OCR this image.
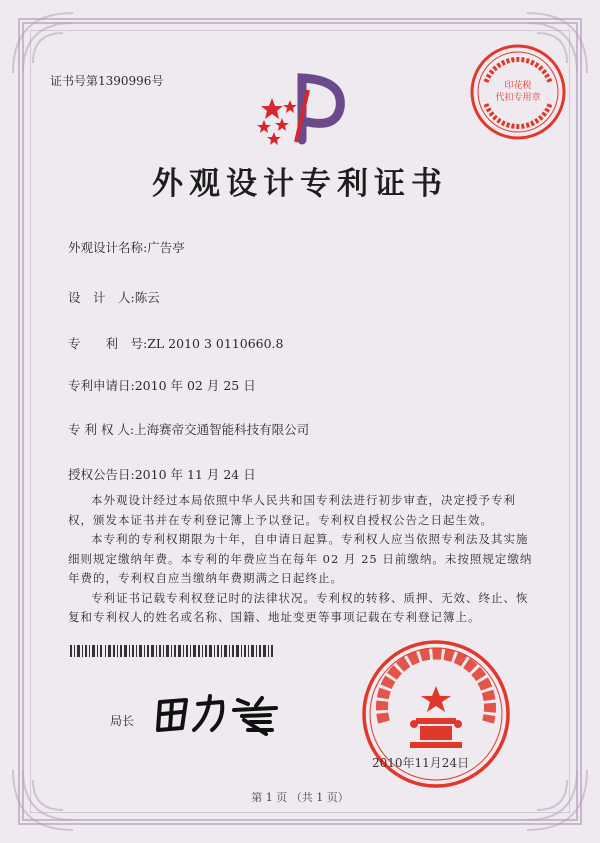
证书号第1390996号	印花税
代扣专用章
外观设计专利证书
外观设计名称:广告亭
设　计　人:陈云
专　　利　号:ZL 2010 3 0110660.8
专利申请日:2010 年 02 月 25 日
专 利 权 人:上海赛帝交通智能科技有限公司
授权公告日:2010 年 11 月 24 日

本外观设计经过本局依照中华人民共和国专利法进行初步审查，决定授予专利权，颁发本证书并在专利登记簿上予以登记。专利权自授权公告之日起生效。

本专利的专利权期限为十年，自申请日起算。专利权人应当依照专利法及其实施细则规定缴纳年费。本专利的年费应当在每年 02 月 25 日前缴纳。未按照规定缴纳年费的，专利权自应当缴纳年费期满之日起终止。

专利证书记载专利权登记时的法律状况。专利权的转移、质押、无效、终止、恢复和专利权人的姓名或名称、国籍、地址变更等事项记载在专利登记簿上。

局长
2010年11月24日
第 1 页 （共 1 页）
